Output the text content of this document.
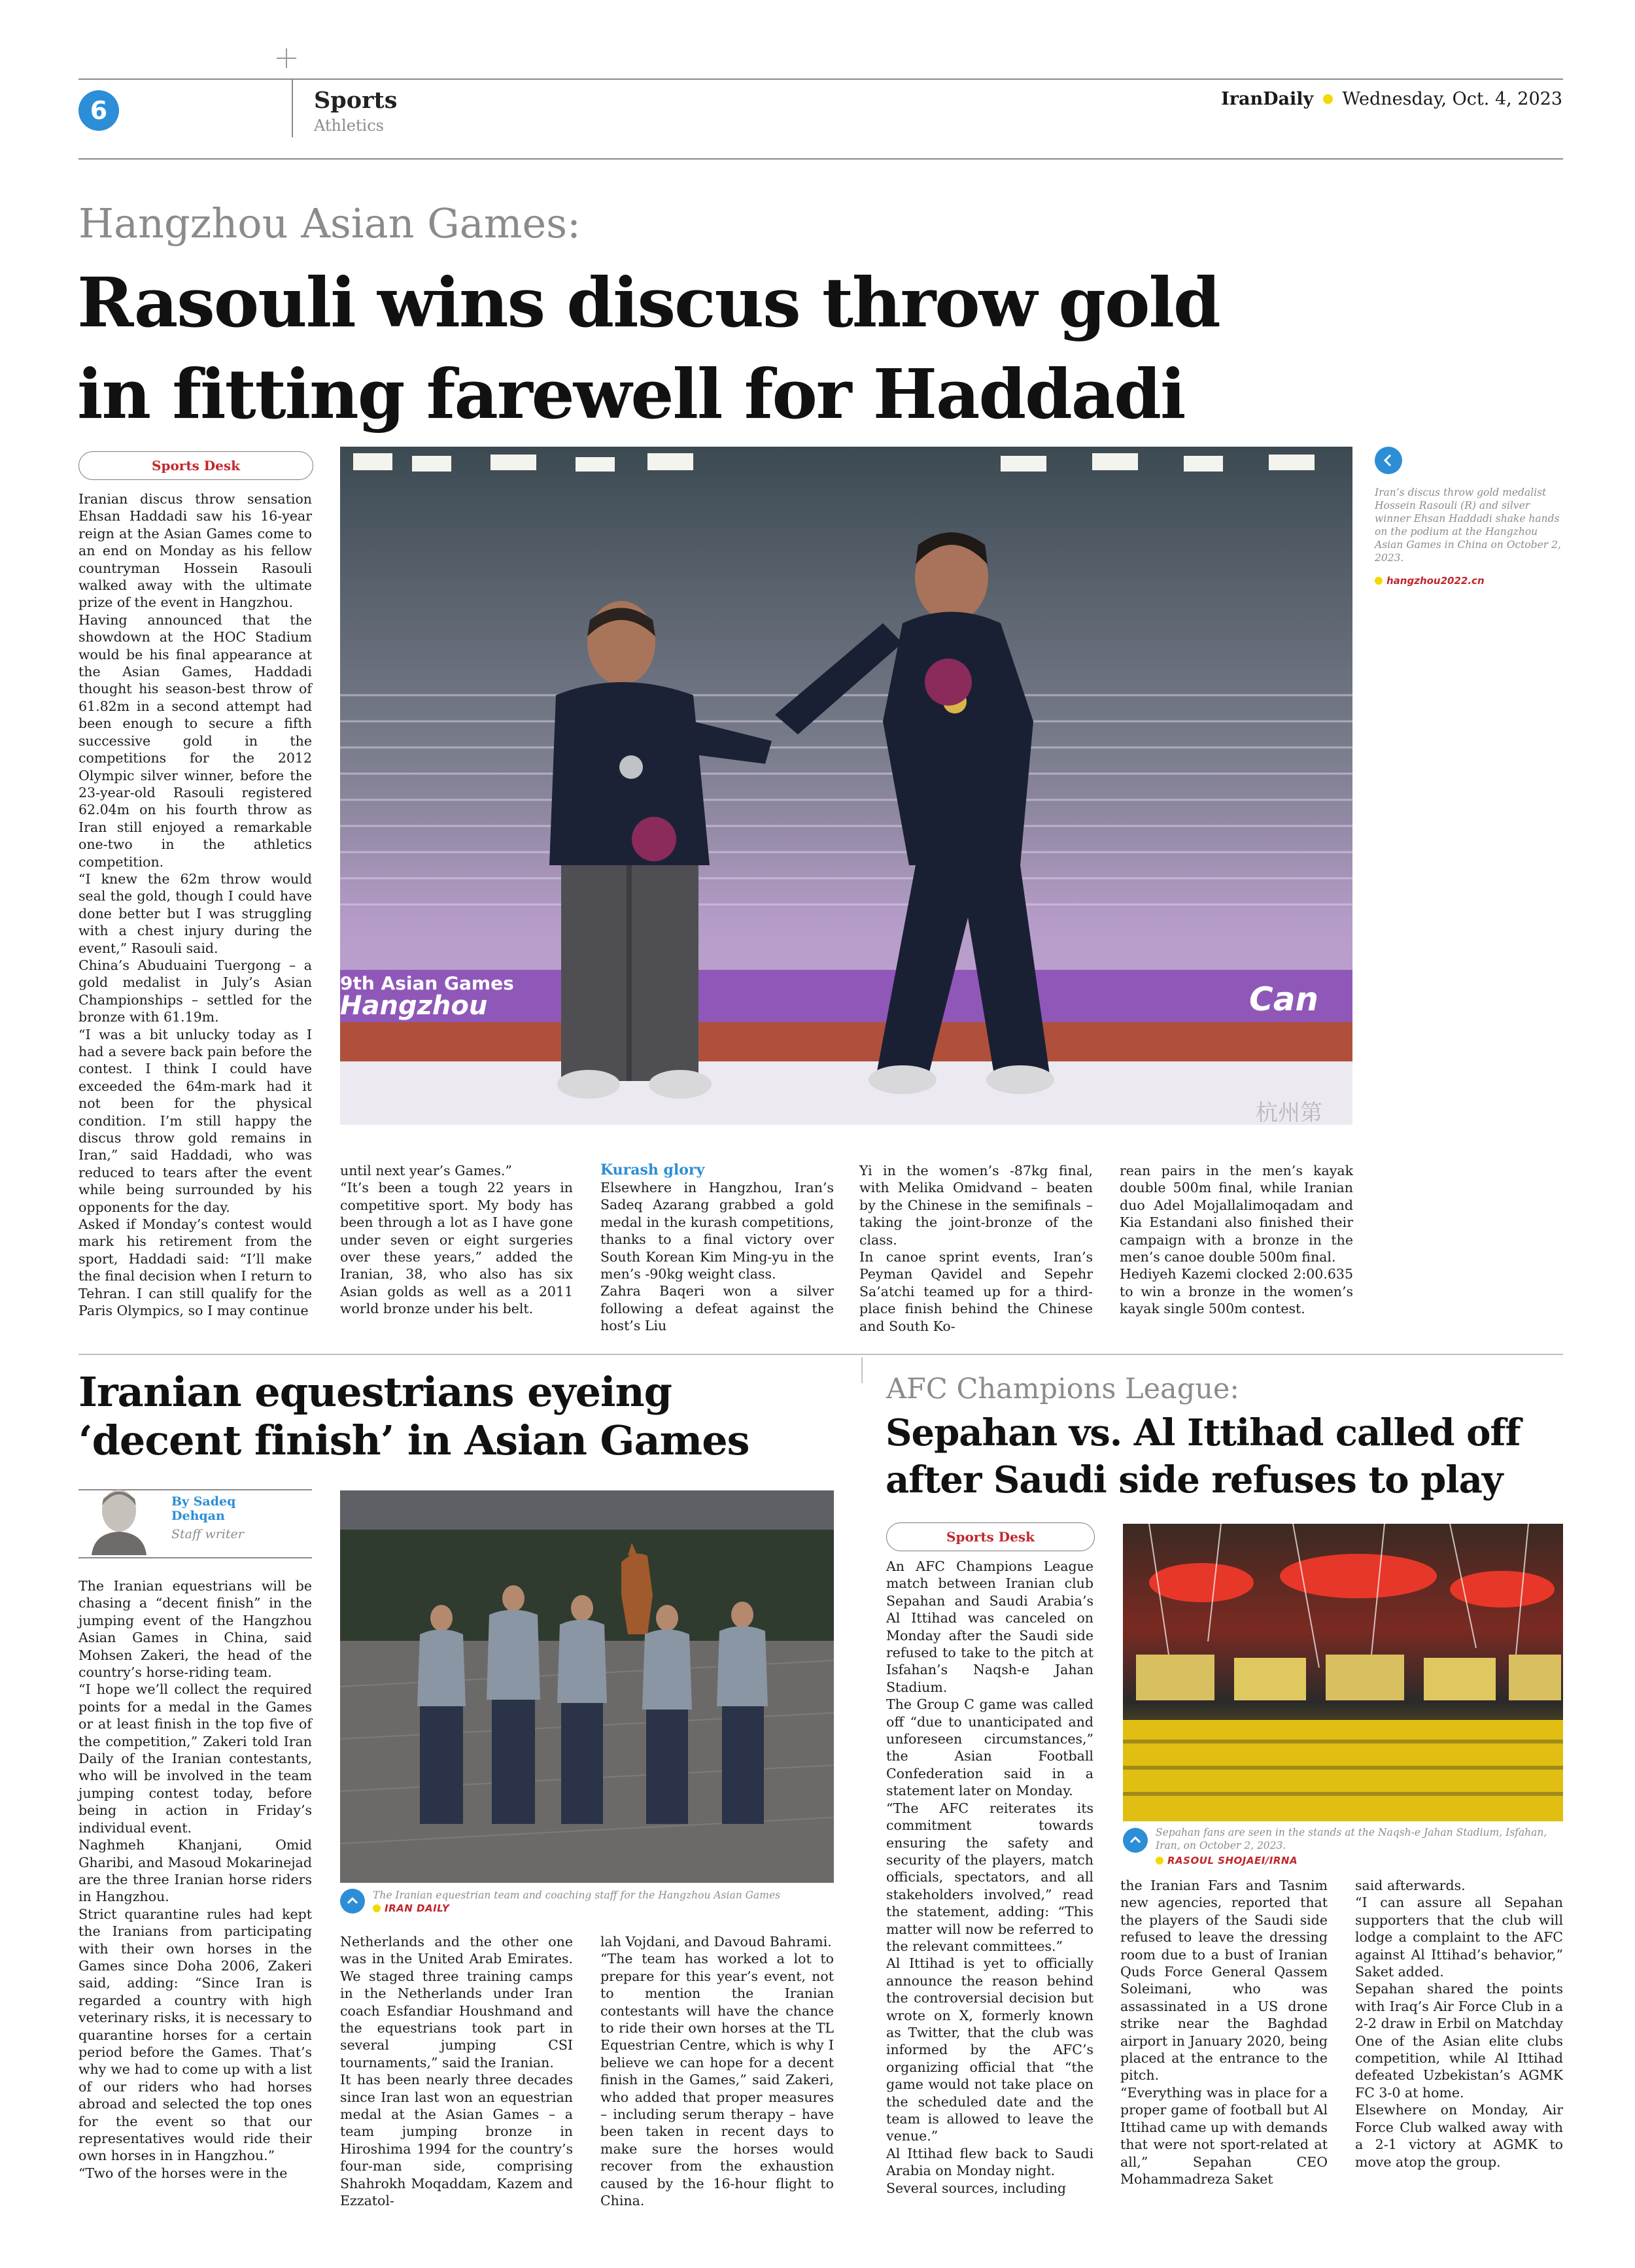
6	Sports
Athletics
IranDaily Wednesday, Oct. 4, 2023
Hangzhou Asian Games:
Rasouli wins discus throw gold
in fitting farewell for Haddadi
Sports Desk
9th Asian Games
Hangzhou	Can
杭州第
Iran’s discus throw gold medalist Hossein Rasouli (R) and silver winner Ehsan Haddadi shake hands on the podium at the Hangzhou Asian Games in China on October 2, 2023.
hangzhou2022.cn

Iranian discus throw sensation Ehsan Haddadi saw his 16-year reign at the Asian Games come to an end on Monday as his fellow countryman Hossein Rasouli walked away with the ultimate prize of the event in Hangzhou.

Having announced that the showdown at the HOC Stadium would be his final appearance at the Asian Games, Haddadi thought his season-best throw of 61.82m in a second attempt had been enough to secure a fifth successive gold in the competitions for the 2012 Olympic silver winner, before the 23-year-old Rasouli registered 62.04m on his fourth throw as Iran still enjoyed a remarkable one-two in the athletics competition.

“I knew the 62m throw would seal the gold, though I could have done better but I was struggling with a chest injury during the event,” Rasouli said.

China’s Abuduaini Tuergong – a gold medalist in July’s Asian Championships – settled for the bronze with 61.19m.

“I was a bit unlucky today as I had a severe back pain before the contest. I think I could have exceeded the 64m-mark had it not been for the physical condition. I’m still happy the discus throw gold remains in Iran,” said Haddadi, who was reduced to tears after the event while being surrounded by his opponents for the day.

Asked if Monday’s contest would mark his retirement from the sport, Haddadi said: “I’ll make the final decision when I return to Tehran. I can still qualify for the Paris Olympics, so I may continue

until next year’s Games.”

“It’s been a tough 22 years in competitive sport. My body has been through a lot as I have gone under seven or eight surgeries over these years,” added the Iranian, 38, who also has six Asian golds as well as a 2011 world bronze under his belt.

Kurash glory

Elsewhere in Hangzhou, Iran’s Sadeq Azarang grabbed a gold medal in the kurash competitions, thanks to a final victory over South Korean Kim Ming-yu in the men’s -90kg weight class.

Zahra Baqeri won a silver following a defeat against the host’s Liu

Yi in the women’s -87kg final, with Melika Omidvand – beaten by the Chinese in the semifinals – taking the joint-bronze of the class.

In canoe sprint events, Iran’s Peyman Qavidel and Sepehr Sa’atchi teamed up for a third-place finish behind the Chinese and South Ko-

rean pairs in the men’s kayak double 500m final, while Iranian duo Adel Mojallalimoqadam and Kia Estandani also finished their campaign with a bronze in the men’s canoe double 500m final.

Hediyeh Kazemi clocked 2:00.635 to win a bronze in the women’s kayak single 500m contest.

Iranian equestrians eyeing
‘decent finish’ in Asian Games
By Sadeq Dehqan
Staff writer
The Iranian equestrian team and coaching staff for the Hangzhou Asian Games
IRAN DAILY

The Iranian equestrians will be chasing a “decent finish” in the jumping event of the Hangzhou Asian Games in China, said Mohsen Zakeri, the head of the country’s horse-riding team.

“I hope we’ll collect the required points for a medal in the Games or at least finish in the top five of the competition,” Zakeri told Iran Daily of the Iranian contestants, who will be involved in the team jumping contest today, before being in action in Friday’s individual event.

Naghmeh Khanjani, Omid Gharibi, and Masoud Mokarinejad are the three Iranian horse riders in Hangzhou.

Strict quarantine rules had kept the Iranians from participating with their own horses in the Games since Doha 2006, Zakeri said, adding: “Since Iran is regarded a country with high veterinary risks, it is necessary to quarantine horses for a certain period before the Games. That’s why we had to come up with a list of our riders who had horses abroad and selected the top ones for the event so that our representatives would ride their own horses in in Hangzhou.”

“Two of the horses were in the

Netherlands and the other one was in the United Arab Emirates. We staged three training camps in the Netherlands under Iran coach Esfandiar Houshmand and the equestrians took part in several jumping CSI tournaments,” said the Iranian.

It has been nearly three decades since Iran last won an equestrian medal at the Asian Games – a team jumping bronze in Hiroshima 1994 for the country’s four-man side, comprising Shahrokh Moqaddam, Kazem and Ezzatol-

lah Vojdani, and Davoud Bahrami.

“The team has worked a lot to prepare for this year’s event, not to mention the Iranian contestants will have the chance to ride their own horses at the TL Equestrian Centre, which is why I believe we can hope for a decent finish in the Games,” said Zakeri, who added that proper measures – including serum therapy – have been taken in recent days to make sure the horses would recover from the exhaustion caused by the 16-hour flight to China.

AFC Champions League:
Sepahan vs. Al Ittihad called off
after Saudi side refuses to play
Sports Desk
Sepahan fans are seen in the stands at the Naqsh-e Jahan Stadium, Isfahan, Iran, on October 2, 2023.
RASOUL SHOJAEI/IRNA

An AFC Champions League match between Iranian club Sepahan and Saudi Arabia’s Al Ittihad was canceled on Monday after the Saudi side refused to take to the pitch at Isfahan’s Naqsh-e Jahan Stadium.

The Group C game was called off “due to unanticipated and unforeseen circumstances,” the Asian Football Confederation said in a statement later on Monday.

“The AFC reiterates its commitment towards ensuring the safety and security of the players, match officials, spectators, and all stakeholders involved,” read the statement, adding: “This matter will now be referred to the relevant committees.”

Al Ittihad is yet to officially announce the reason behind the controversial decision but wrote on X, formerly known as Twitter, that the club was informed by the AFC’s organizing official that “the game would not take place on the scheduled date and the team is allowed to leave the venue.”

Al Ittihad flew back to Saudi Arabia on Monday night.

Several sources, including

the Iranian Fars and Tasnim new agencies, reported that the players of the Saudi side refused to leave the dressing room due to a bust of Iranian Quds Force General Qassem Soleimani, who was assassinated in a US drone strike near the Baghdad airport in January 2020, being placed at the entrance to the pitch.

“Everything was in place for a proper game of football but Al Ittihad came up with demands that were not sport-related at all,” Sepahan CEO Mohammadreza Saket

said afterwards.

“I can assure all Sepahan supporters that the club will lodge a complaint to the AFC against Al Ittihad’s behavior,” Saket added.

Sepahan shared the points with Iraq’s Air Force Club in a 2-2 draw in Erbil on Matchday One of the Asian elite clubs competition, while Al Ittihad defeated Uzbekistan’s AGMK FC 3-0 at home.

Elsewhere on Monday, Air Force Club walked away with a 2-1 victory at AGMK to move atop the group.
